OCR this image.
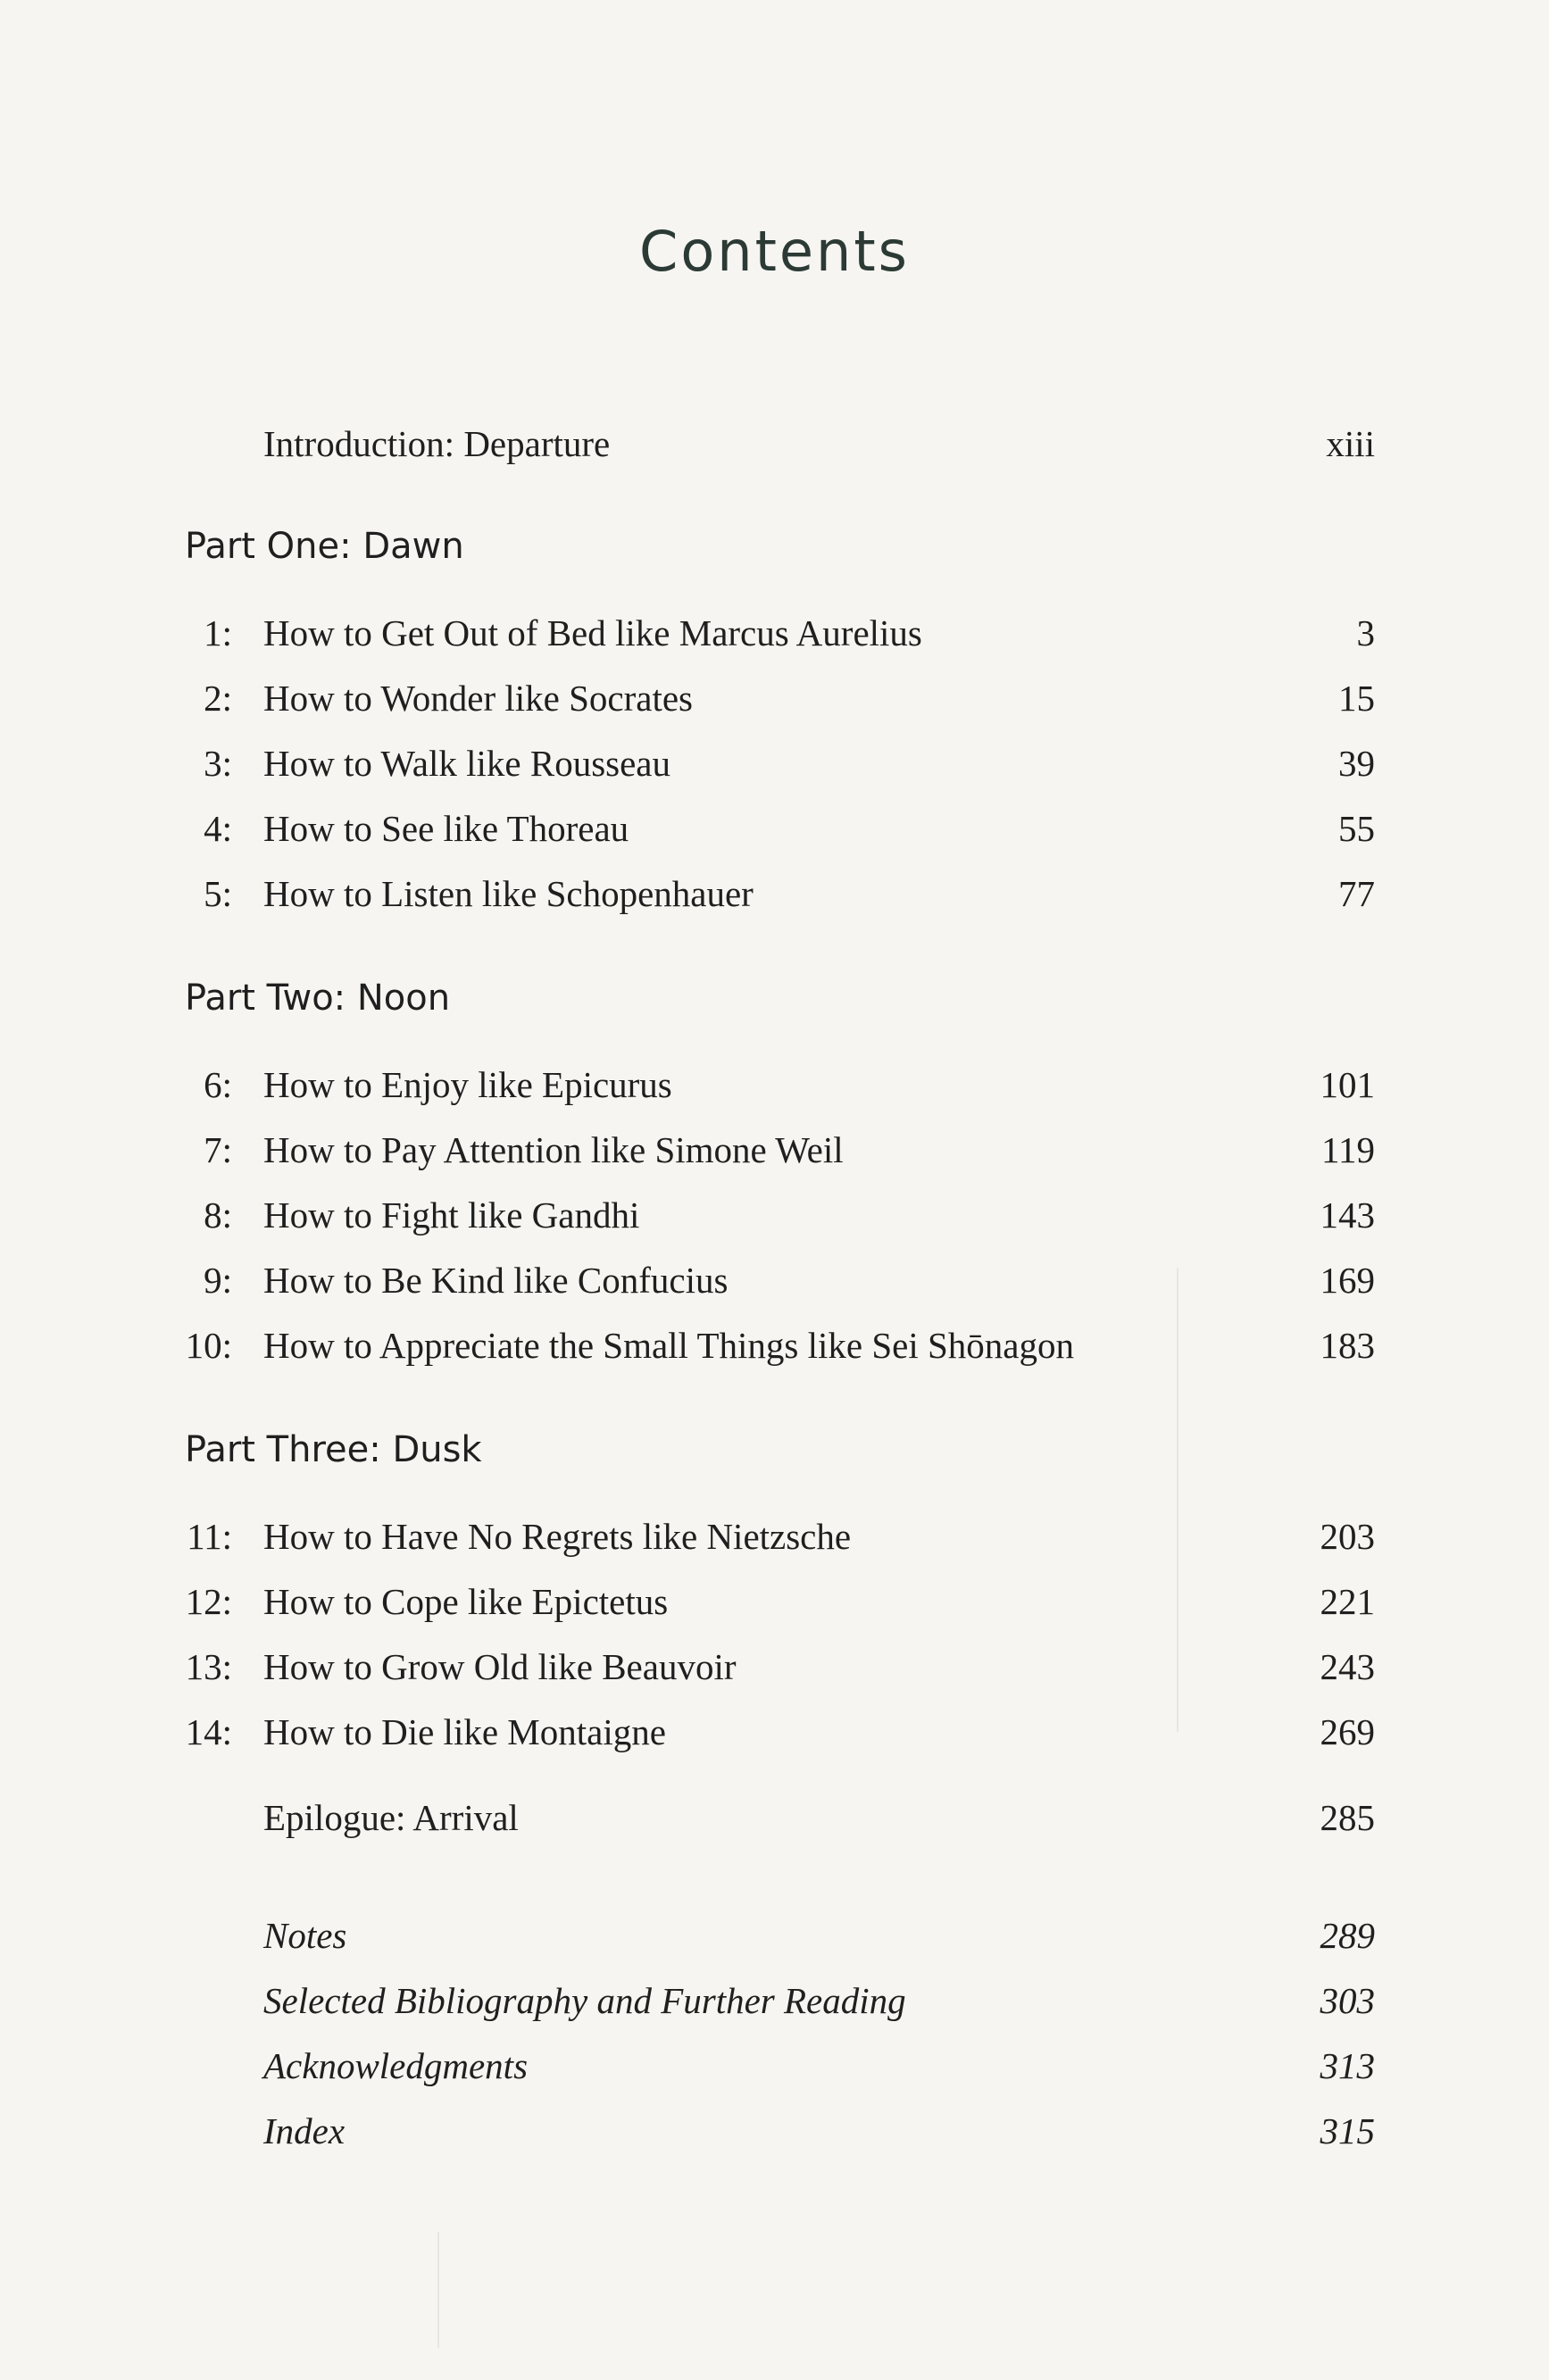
Contents
Introduction: Departure	xiii
Part One: Dawn
1: How to Get Out of Bed like Marcus Aurelius	3
2: How to Wonder like Socrates	15
3: How to Walk like Rousseau	39
4: How to See like Thoreau	55
5: How to Listen like Schopenhauer	77
Part Two: Noon
6: How to Enjoy like Epicurus	101
7: How to Pay Attention like Simone Weil	119
8: How to Fight like Gandhi	143
9: How to Be Kind like Confucius	169
10: How to Appreciate the Small Things like Sei Shōnagon	183
Part Three: Dusk
11: How to Have No Regrets like Nietzsche	203
12: How to Cope like Epictetus	221
13: How to Grow Old like Beauvoir	243
14: How to Die like Montaigne	269
Epilogue: Arrival	285
Notes	289
Selected Bibliography and Further Reading	303
Acknowledgments	313
Index	315
